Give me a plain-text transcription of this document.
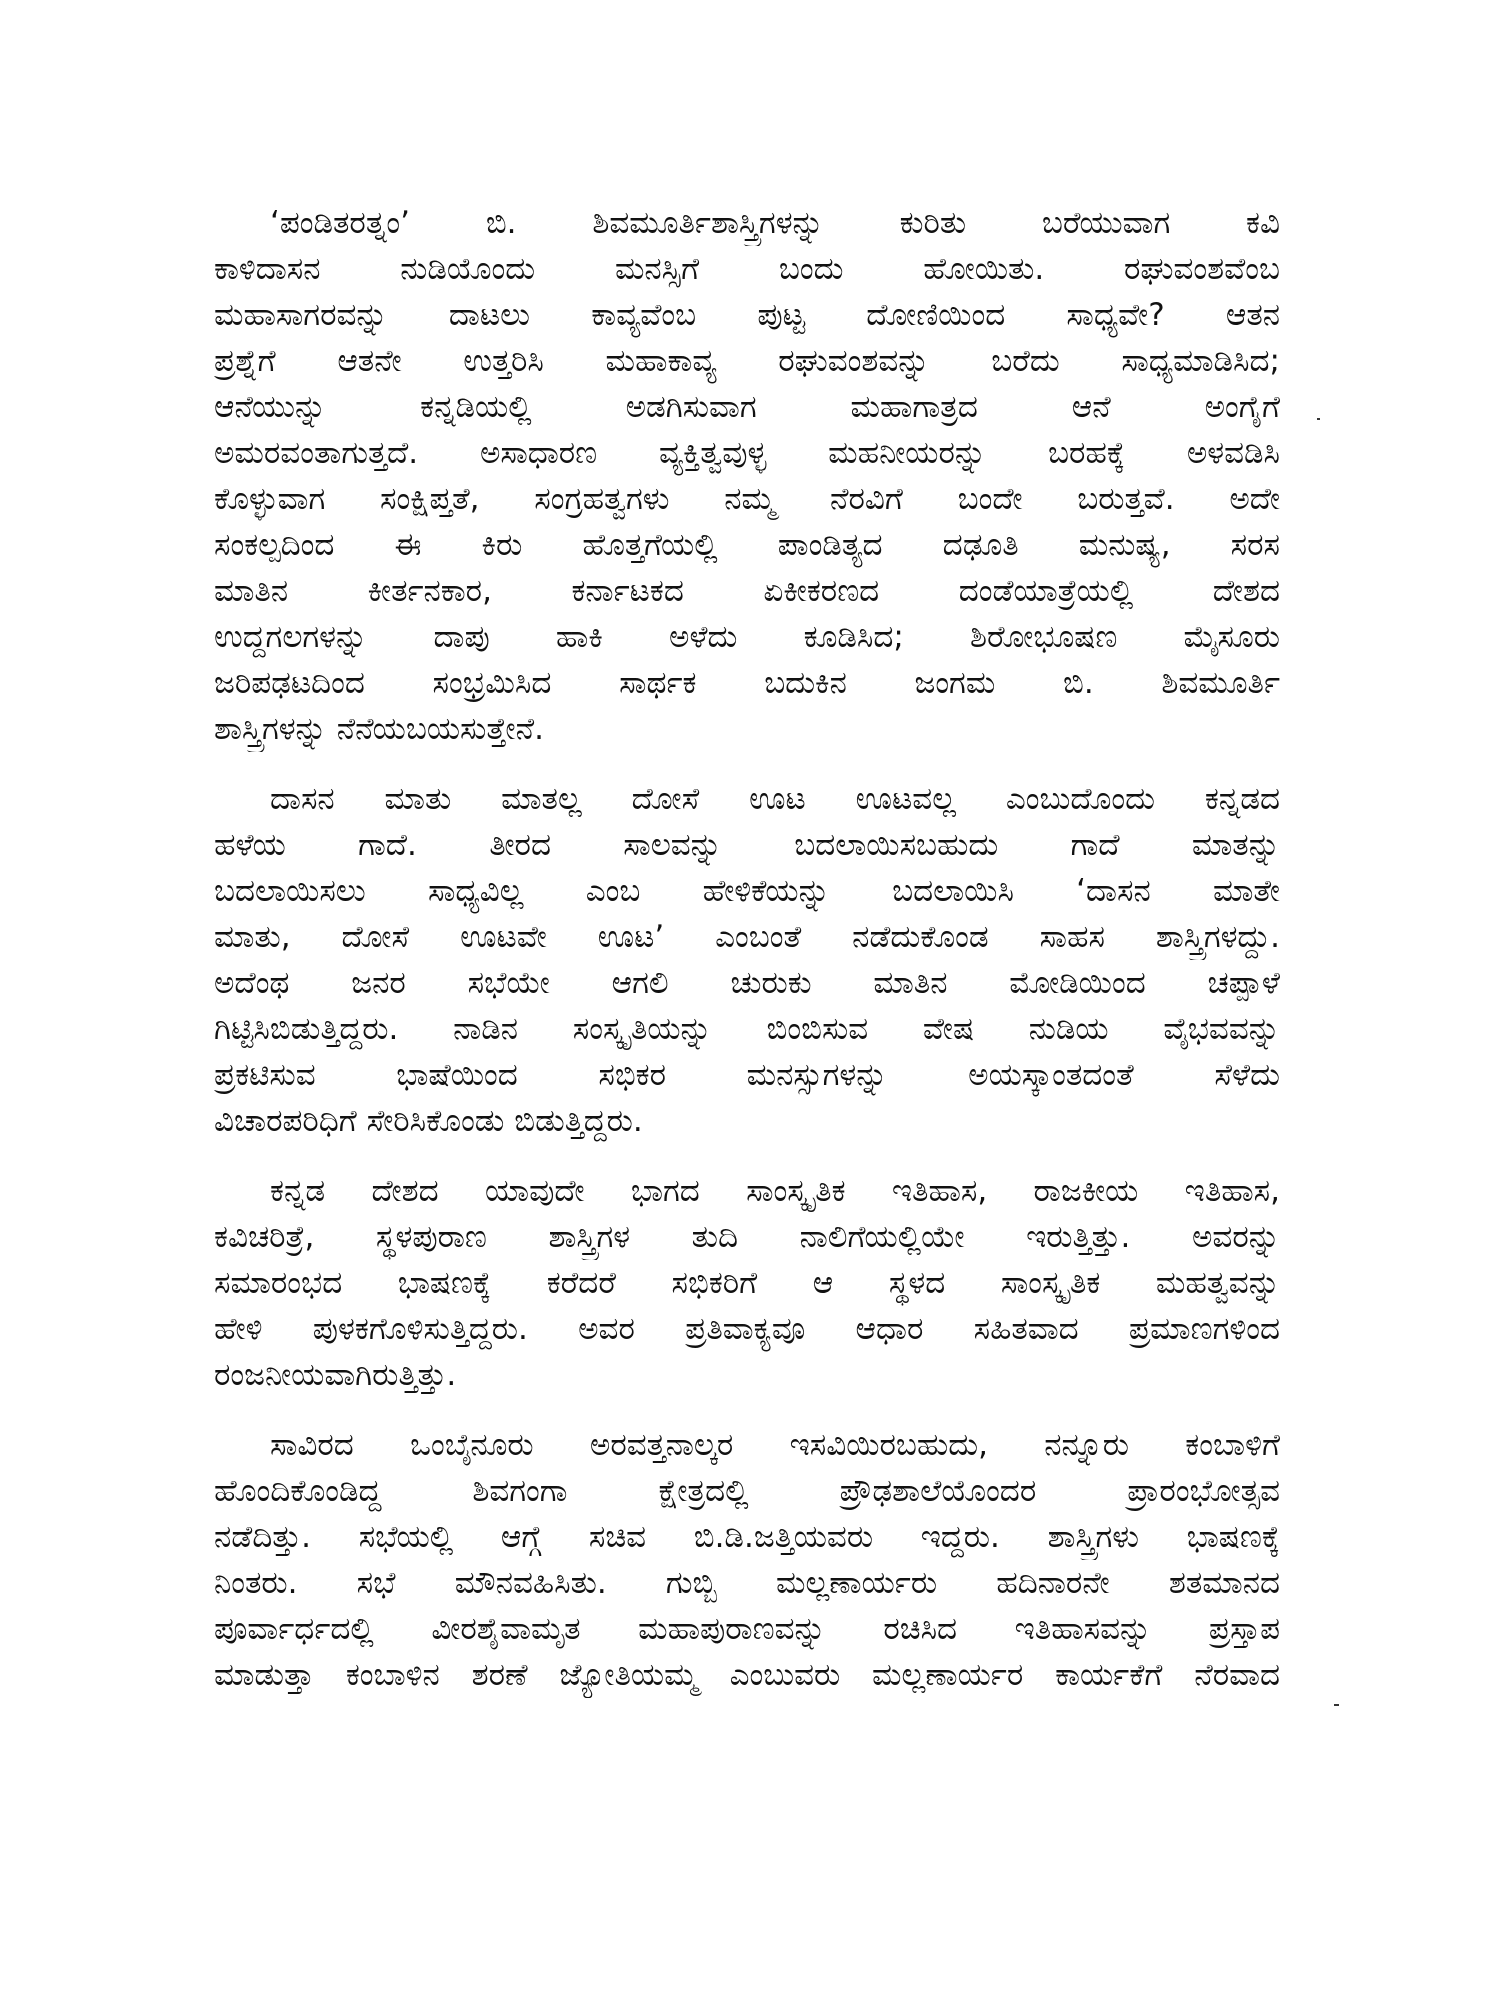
‘ಪಂಡಿತರತ್ನಂ’ ಬಿ. ಶಿವಮೂರ್ತಿಶಾಸ್ತ್ರಿಗಳನ್ನು ಕುರಿತು ಬರೆಯುವಾಗ ಕವಿ
ಕಾಳಿದಾಸನ ನುಡಿಯೊಂದು ಮನಸ್ಸಿಗೆ ಬಂದು ಹೋಯಿತು. ರಘುವಂಶವೆಂಬ
ಮಹಾಸಾಗರವನ್ನು ದಾಟಲು ಕಾವ್ಯವೆಂಬ ಪುಟ್ಟ ದೋಣಿಯಿಂದ ಸಾಧ್ಯವೇ? ಆತನ
ಪ್ರಶ್ನೆಗೆ ಆತನೇ ಉತ್ತರಿಸಿ ಮಹಾಕಾವ್ಯ ರಘುವಂಶವನ್ನು ಬರೆದು ಸಾಧ್ಯಮಾಡಿಸಿದ;
ಆನೆಯುನ್ನು ಕನ್ನಡಿಯಲ್ಲಿ ಅಡಗಿಸುವಾಗ ಮಹಾಗಾತ್ರದ ಆನೆ ಅಂಗೈಗೆ
ಅಮರವಂತಾಗುತ್ತದೆ. ಅಸಾಧಾರಣ ವ್ಯಕ್ತಿತ್ವವುಳ್ಳ ಮಹನೀಯರನ್ನು ಬರಹಕ್ಕೆ ಅಳವಡಿಸಿ
ಕೊಳ್ಳುವಾಗ ಸಂಕ್ಷಿಪ್ತತೆ, ಸಂಗ್ರಹತ್ವಗಳು ನಮ್ಮ ನೆರವಿಗೆ ಬಂದೇ ಬರುತ್ತವೆ. ಅದೇ
ಸಂಕಲ್ಪದಿಂದ ಈ ಕಿರು ಹೊತ್ತಗೆಯಲ್ಲಿ ಪಾಂಡಿತ್ಯದ ದಢೂತಿ ಮನುಷ್ಯ, ಸರಸ
ಮಾತಿನ ಕೀರ್ತನಕಾರ, ಕರ್ನಾಟಕದ ಏಕೀಕರಣದ ದಂಡೆಯಾತ್ರೆಯಲ್ಲಿ ದೇಶದ
ಉದ್ದಗಲಗಳನ್ನು ದಾಪು ಹಾಕಿ ಅಳೆದು ಕೂಡಿಸಿದ; ಶಿರೋಭೂಷಣ ಮೈಸೂರು
ಜರಿಪಢಟದಿಂದ ಸಂಭ್ರಮಿಸಿದ ಸಾರ್ಥಕ ಬದುಕಿನ ಜಂಗಮ ಬಿ. ಶಿವಮೂರ್ತಿ
ಶಾಸ್ತ್ರಿಗಳನ್ನು ನೆನೆಯಬಯಸುತ್ತೇನೆ.
ದಾಸನ ಮಾತು ಮಾತಲ್ಲ ದೋಸೆ ಊಟ ಊಟವಲ್ಲ ಎಂಬುದೊಂದು ಕನ್ನಡದ
ಹಳೆಯ ಗಾದೆ. ತೀರದ ಸಾಲವನ್ನು ಬದಲಾಯಿಸಬಹುದು ಗಾದೆ ಮಾತನ್ನು
ಬದಲಾಯಿಸಲು ಸಾಧ್ಯವಿಲ್ಲ ಎಂಬ ಹೇಳಿಕೆಯನ್ನು ಬದಲಾಯಿಸಿ ‘ದಾಸನ ಮಾತೇ
ಮಾತು, ದೋಸೆ ಊಟವೇ ಊಟ’ ಎಂಬಂತೆ ನಡೆದುಕೊಂಡ ಸಾಹಸ ಶಾಸ್ತ್ರಿಗಳದ್ದು.
ಅದೆಂಥ ಜನರ ಸಭೆಯೇ ಆಗಲಿ ಚುರುಕು ಮಾತಿನ ಮೋಡಿಯಿಂದ ಚಪ್ಪಾಳೆ
ಗಿಟ್ಟಿಸಿಬಿಡುತ್ತಿದ್ದರು. ನಾಡಿನ ಸಂಸ್ಕೃತಿಯನ್ನು ಬಿಂಬಿಸುವ ವೇಷ ನುಡಿಯ ವೈಭವವನ್ನು
ಪ್ರಕಟಿಸುವ ಭಾಷೆಯಿಂದ ಸಭಿಕರ ಮನಸ್ಸುಗಳನ್ನು ಅಯಸ್ಕಾಂತದಂತೆ ಸೆಳೆದು
ವಿಚಾರಪರಿಧಿಗೆ ಸೇರಿಸಿಕೊಂಡು ಬಿಡುತ್ತಿದ್ದರು.
ಕನ್ನಡ ದೇಶದ ಯಾವುದೇ ಭಾಗದ ಸಾಂಸ್ಕೃತಿಕ ಇತಿಹಾಸ, ರಾಜಕೀಯ ಇತಿಹಾಸ,
ಕವಿಚರಿತ್ರೆ, ಸ್ಥಳಪುರಾಣ ಶಾಸ್ತ್ರಿಗಳ ತುದಿ ನಾಲಿಗೆಯಲ್ಲಿಯೇ ಇರುತ್ತಿತ್ತು. ಅವರನ್ನು
ಸಮಾರಂಭದ ಭಾಷಣಕ್ಕೆ ಕರೆದರೆ ಸಭಿಕರಿಗೆ ಆ ಸ್ಥಳದ ಸಾಂಸ್ಕೃತಿಕ ಮಹತ್ವವನ್ನು
ಹೇಳಿ ಪುಳಕಗೊಳಿಸುತ್ತಿದ್ದರು. ಅವರ ಪ್ರತಿವಾಕ್ಯವೂ ಆಧಾರ ಸಹಿತವಾದ ಪ್ರಮಾಣಗಳಿಂದ
ರಂಜನೀಯವಾಗಿರುತ್ತಿತ್ತು.
ಸಾವಿರದ ಒಂಬೈನೂರು ಅರವತ್ತನಾಲ್ಕರ ಇಸವಿಯಿರಬಹುದು, ನನ್ನೂರು ಕಂಬಾಳಿಗೆ
ಹೊಂದಿಕೊಂಡಿದ್ದ ಶಿವಗಂಗಾ ಕ್ಷೇತ್ರದಲ್ಲಿ ಪ್ರೌಢಶಾಲೆಯೊಂದರ ಪ್ರಾರಂಭೋತ್ಸವ
ನಡೆದಿತ್ತು. ಸಭೆಯಲ್ಲಿ ಆಗ್ಗೆ ಸಚಿವ ಬಿ.ಡಿ.ಜತ್ತಿಯವರು ಇದ್ದರು. ಶಾಸ್ತ್ರಿಗಳು ಭಾಷಣಕ್ಕೆ
ನಿಂತರು. ಸಭೆ ಮೌನವಹಿಸಿತು. ಗುಬ್ಬಿ ಮಲ್ಲಣಾರ್ಯರು ಹದಿನಾರನೇ ಶತಮಾನದ
ಪೂರ್ವಾರ್ಧದಲ್ಲಿ ವೀರಶೈವಾಮೃತ ಮಹಾಪುರಾಣವನ್ನು ರಚಿಸಿದ ಇತಿಹಾಸವನ್ನು ಪ್ರಸ್ತಾಪ
ಮಾಡುತ್ತಾ ಕಂಬಾಳಿನ ಶರಣೆ ಜ್ಯೋತಿಯಮ್ಮ ಎಂಬುವರು ಮಲ್ಲಣಾರ್ಯರ ಕಾರ್ಯಕೆಗೆ ನೆರವಾದ
